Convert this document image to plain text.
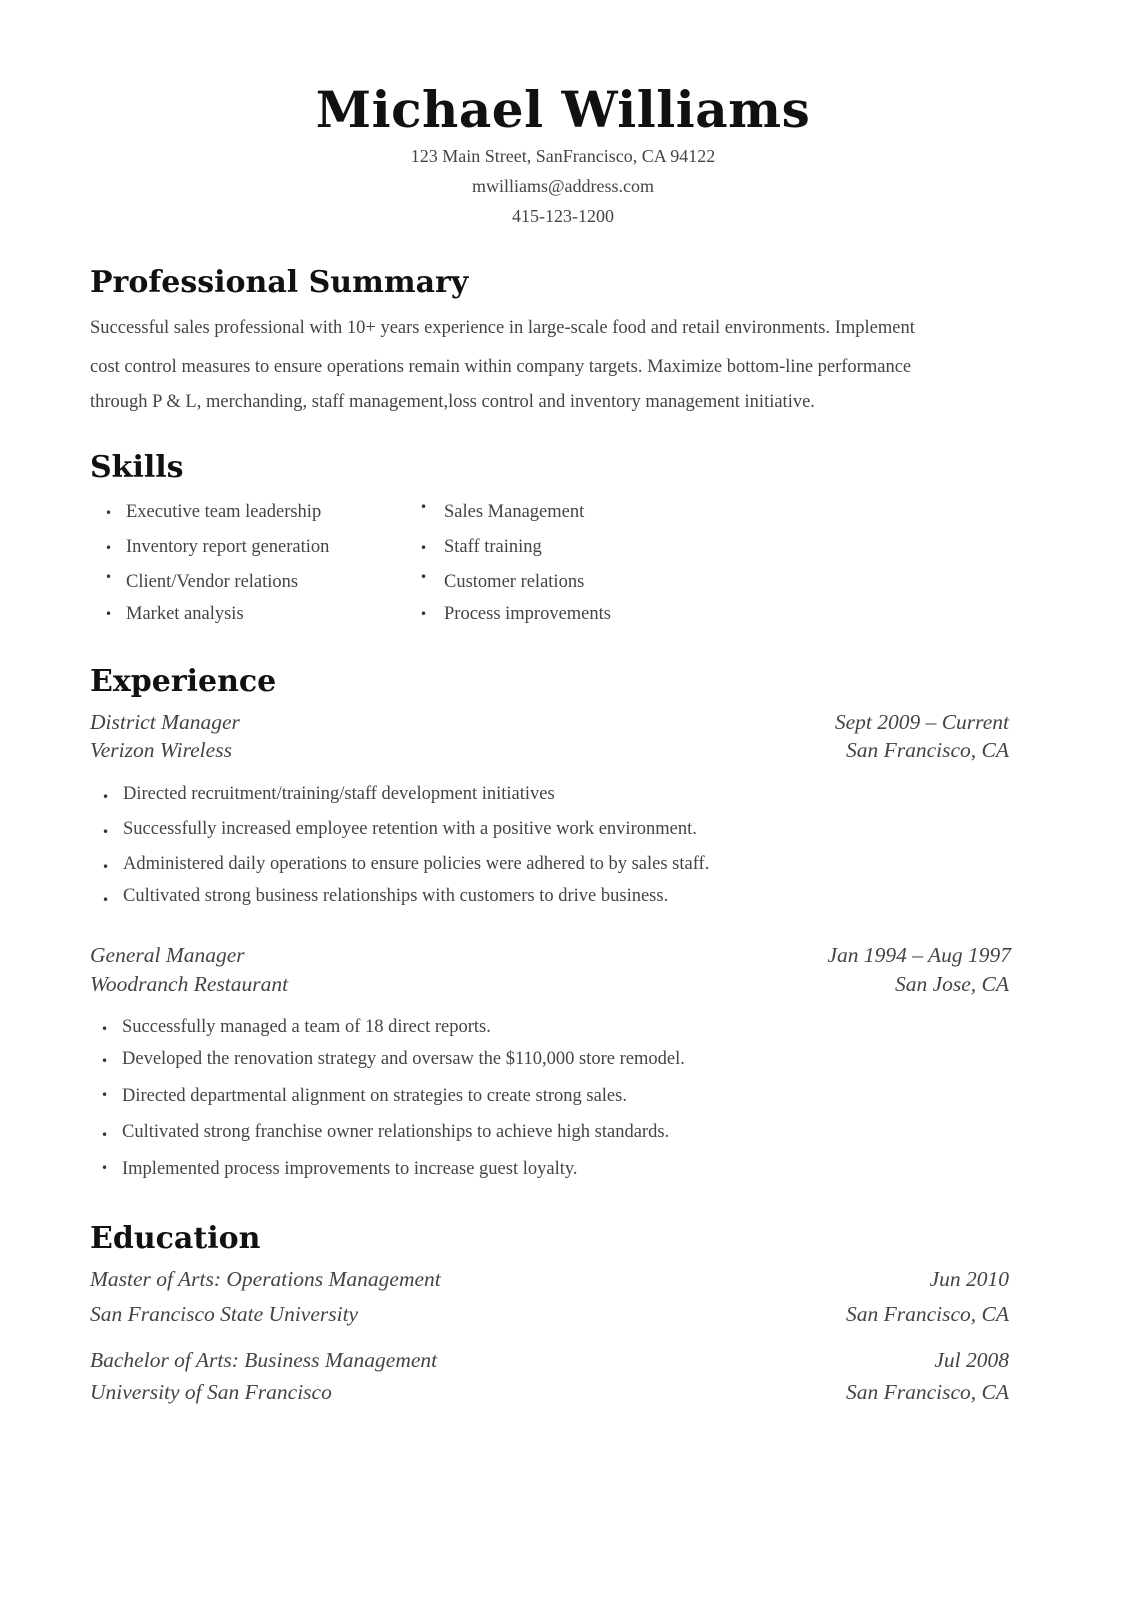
Michael Williams
123 Main Street, SanFrancisco, CA 94122
mwilliams@address.com
415-123-1200
Professional Summary
Successful sales professional with 10+ years experience in large-scale food and retail environments. Implement
cost control measures to ensure operations remain within company targets. Maximize bottom-line performance
through P & L, merchanding, staff management,loss control and inventory management initiative.
Skills
• Executive team leadership
• Inventory report generation
• Client/Vendor relations
• Market analysis
• Sales Management
• Staff training
• Customer relations
• Process improvements
Experience
District Manager	Sept 2009 – Current
Verizon Wireless	San Francisco, CA
• Directed recruitment/training/staff development initiatives
• Successfully increased employee retention with a positive work environment.
• Administered daily operations to ensure policies were adhered to by sales staff.
• Cultivated strong business relationships with customers to drive business.
General Manager	Jan 1994 – Aug 1997
Woodranch Restaurant	San Jose, CA
• Successfully managed a team of 18 direct reports.
• Developed the renovation strategy and oversaw the $110,000 store remodel.
• Directed departmental alignment on strategies to create strong sales.
• Cultivated strong franchise owner relationships to achieve high standards.
• Implemented process improvements to increase guest loyalty.
Education
Master of Arts: Operations Management	Jun 2010
San Francisco State University	San Francisco, CA
Bachelor of Arts: Business Management	Jul 2008
University of San Francisco	San Francisco, CA
